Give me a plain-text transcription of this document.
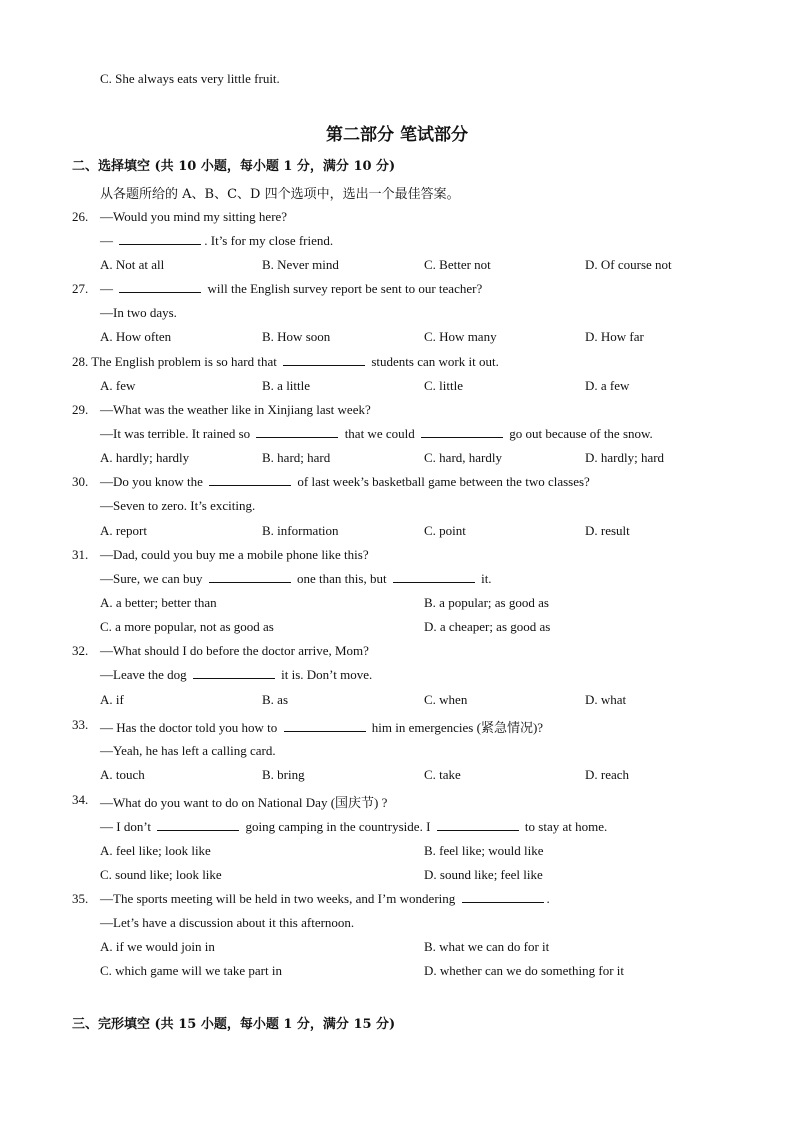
C. She always eats very little fruit.
第二部分 笔试部分
二、选择填空 (共 10 小题，每小题 1 分，满分 10 分)
从各题所给的 A、B、C、D 四个选项中，选出一个最佳答案。
26. —Would you mind my sitting here?
—	. It’s for my close friend.
A. Not at all	B. Never mind	C. Better not	D. Of course not
27. —	will the English survey report be sent to our teacher?
—In two days.
A. How often	B. How soon	C. How many	D. How far
28. The English problem is so hard that	students can work it out.
A. few	B. a little	C. little	D. a few
29. —What was the weather like in Xinjiang last week?
—It was terrible. It rained so	that we could	go out because of the snow.
A. hardly; hardly	B. hard; hard	C. hard, hardly	D. hardly; hard
30. —Do you know the	of last week’s basketball game between the two classes?
—Seven to zero. It’s exciting.
A. report	B. information	C. point	D. result
31. —Dad, could you buy me a mobile phone like this?
—Sure, we can buy	one than this, but	it.
A. a better; better than	B. a popular; as good as
C. a more popular, not as good as	D. a cheaper; as good as
32. —What should I do before the doctor arrive, Mom?
—Leave the dog	it is. Don’t move.
A. if	B. as	C. when	D. what
33. — Has the doctor told you how to	him in emergencies (紧急情况)?
—Yeah, he has left a calling card.
A. touch	B. bring	C. take	D. reach
34. —What do you want to do on National Day (国庆节) ?
— I don’t	going camping in the countryside. I	to stay at home.
A. feel like; look like	B. feel like; would like
C. sound like; look like	D. sound like; feel like
35. —The sports meeting will be held in two weeks, and I’m wondering	.
—Let’s have a discussion about it this afternoon.
A. if we would join in	B. what we can do for it
C. which game will we take part in	D. whether can we do something for it
三、完形填空 (共 15 小题，每小题 1 分，满分 15 分)
